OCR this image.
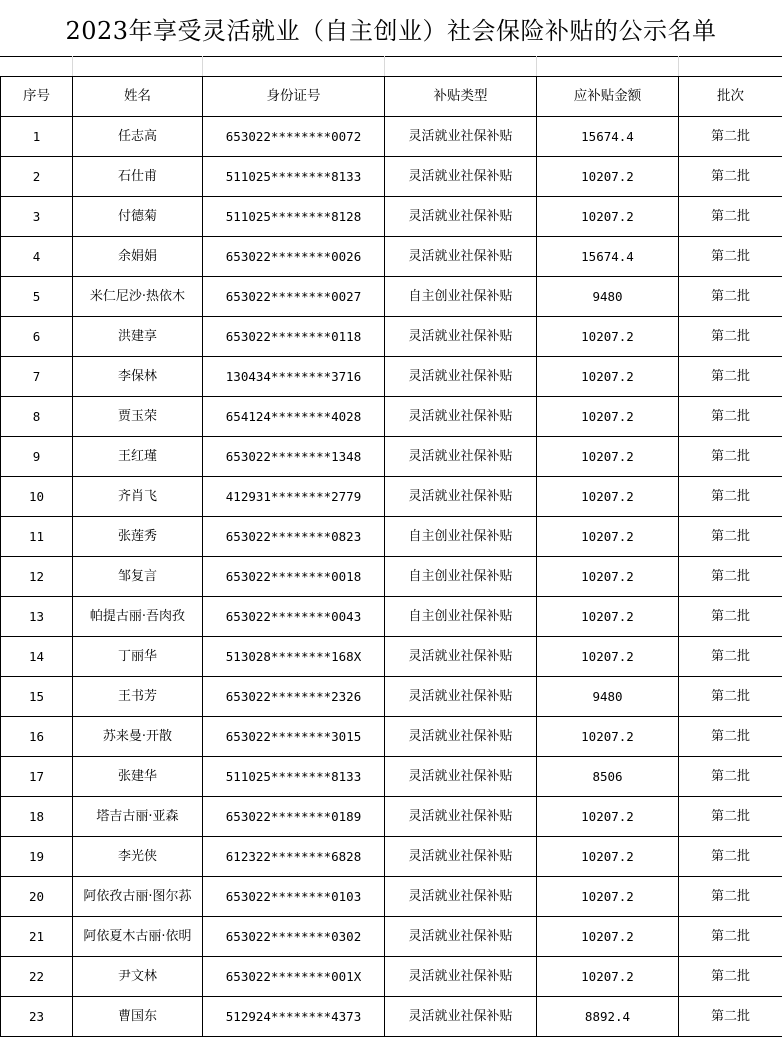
2023年享受灵活就业（自主创业）社会保险补贴的公示名单
序号	姓名	身份证号	补贴类型	应补贴金额	批次
1	任志高	653022********0072	灵活就业社保补贴	15674.4	第二批
2	石仕甫	511025********8133	灵活就业社保补贴	10207.2	第二批
3	付德菊	511025********8128	灵活就业社保补贴	10207.2	第二批
4	余娟娟	653022********0026	灵活就业社保补贴	15674.4	第二批
5	米仁尼沙·热依木	653022********0027	自主创业社保补贴	9480	第二批
6	洪建享	653022********0118	灵活就业社保补贴	10207.2	第二批
7	李保林	130434********3716	灵活就业社保补贴	10207.2	第二批
8	贾玉荣	654124********4028	灵活就业社保补贴	10207.2	第二批
9	王红瑾	653022********1348	灵活就业社保补贴	10207.2	第二批
10	齐肖飞	412931********2779	灵活就业社保补贴	10207.2	第二批
11	张莲秀	653022********0823	自主创业社保补贴	10207.2	第二批
12	邹复言	653022********0018	自主创业社保补贴	10207.2	第二批
13	帕提古丽·吾肉孜	653022********0043	自主创业社保补贴	10207.2	第二批
14	丁丽华	513028********168X	灵活就业社保补贴	10207.2	第二批
15	王书芳	653022********2326	灵活就业社保补贴	9480	第二批
16	苏来曼·开散	653022********3015	灵活就业社保补贴	10207.2	第二批
17	张建华	511025********8133	灵活就业社保补贴	8506	第二批
18	塔吉古丽·亚森	653022********0189	灵活就业社保补贴	10207.2	第二批
19	李光侠	612322********6828	灵活就业社保补贴	10207.2	第二批
20	阿依孜古丽·图尔荪	653022********0103	灵活就业社保补贴	10207.2	第二批
21	阿依夏木古丽·依明	653022********0302	灵活就业社保补贴	10207.2	第二批
22	尹文林	653022********001X	灵活就业社保补贴	10207.2	第二批
23	曹国东	512924********4373	灵活就业社保补贴	8892.4	第二批
